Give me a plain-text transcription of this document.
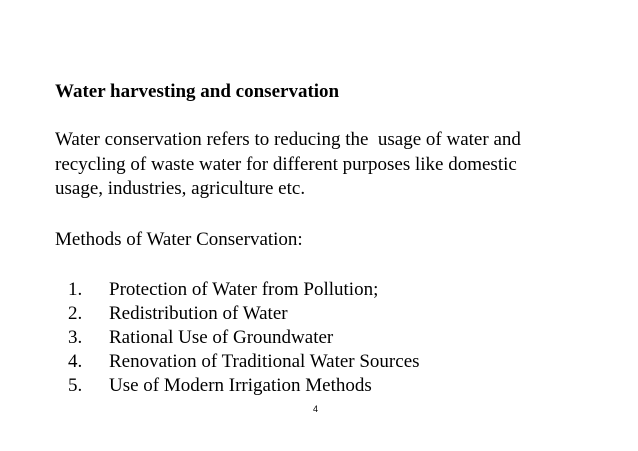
Water harvesting and conservation
Water conservation refers to reducing the  usage of water and
recycling of waste water for different purposes like domestic
usage, industries, agriculture etc.
Methods of Water Conservation:
1. Protection of Water from Pollution;
2. Redistribution of Water
3. Rational Use of Groundwater
4. Renovation of Traditional Water Sources
5. Use of Modern Irrigation Methods
4
